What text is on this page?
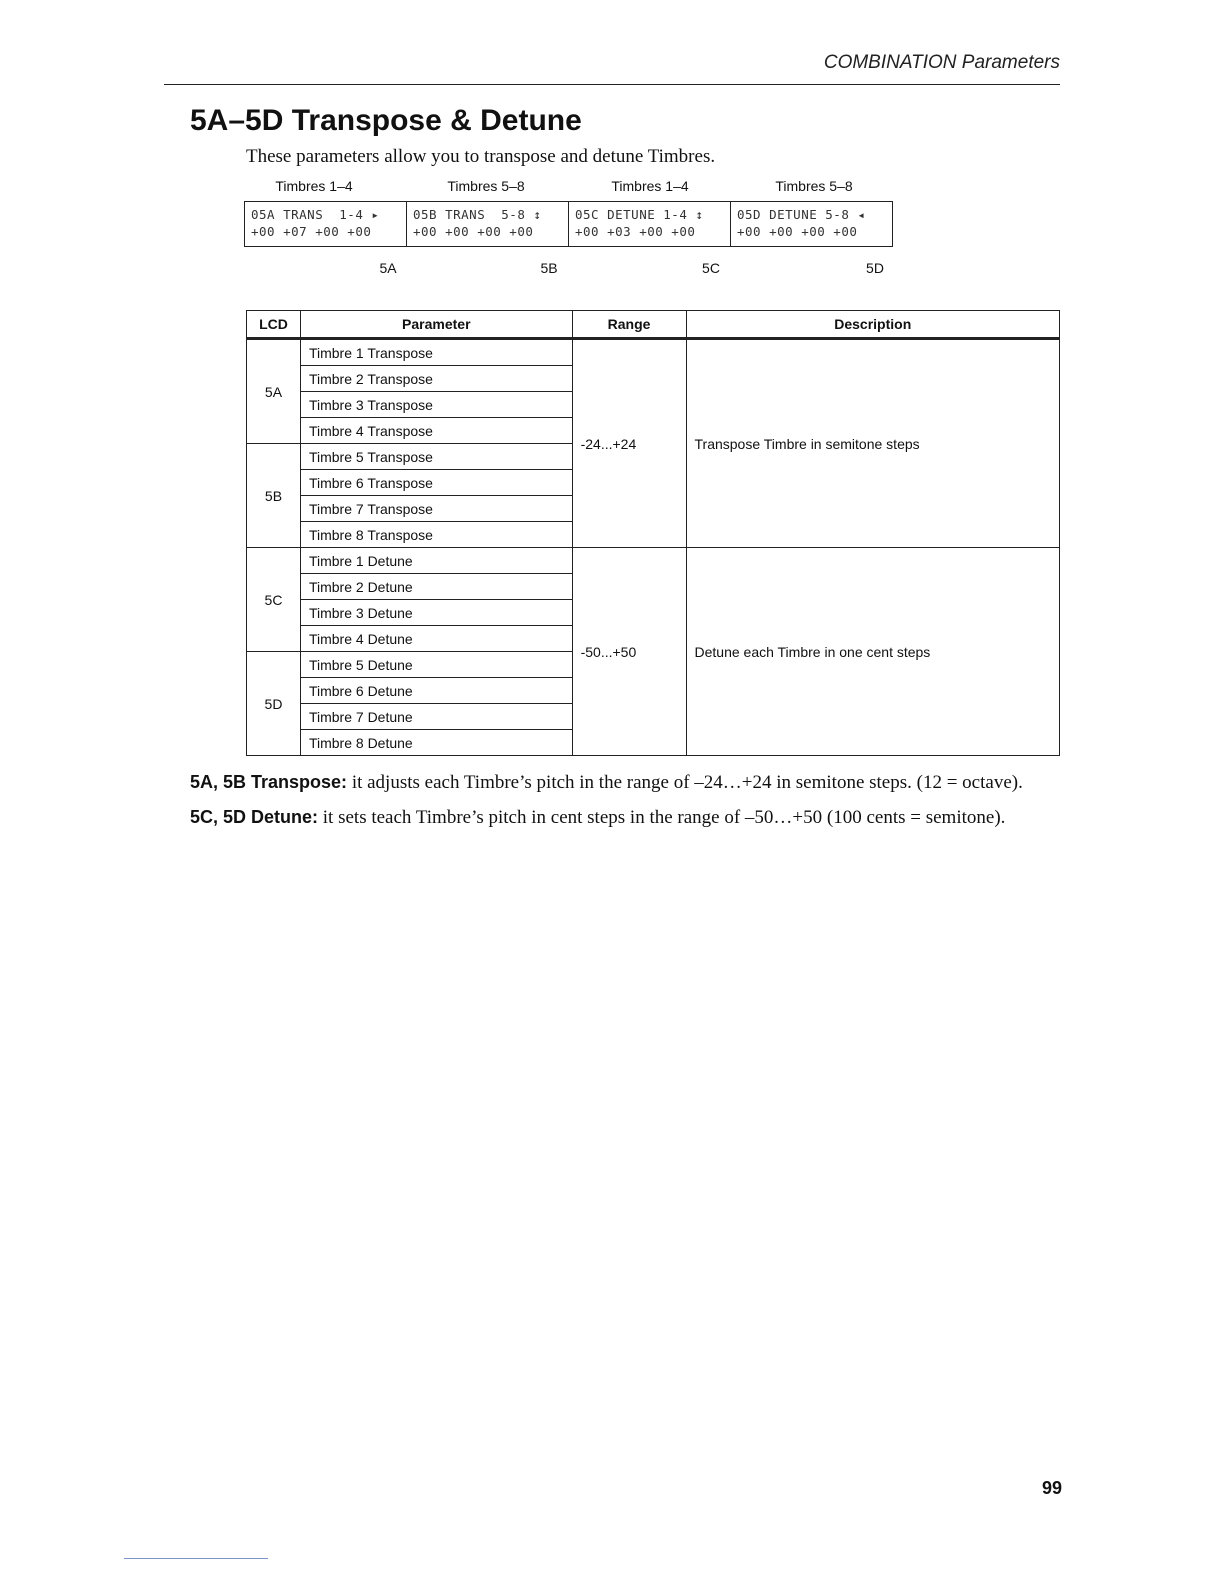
COMBINATION Parameters
5A–5D Transpose & Detune
These parameters allow you to transpose and detune Timbres.
Timbres 1–4	Timbres 5–8	Timbres 1–4	Timbres 5–8
05A TRANS  1-4 ▸
+00 +07 +00 +00
05B TRANS  5-8 ↕
+00 +00 +00 +00
05C DETUNE 1-4 ↕
+00 +03 +00 +00
05D DETUNE 5-8 ◂
+00 +00 +00 +00
5A	5B	5C	5D
LCD	Parameter	Range	Description
5A	Timbre 1 Transpose	-24...+24	Transpose Timbre in semitone steps
	Timbre 2 Transpose		
	Timbre 3 Transpose		
	Timbre 4 Transpose		
5B	Timbre 5 Transpose		
	Timbre 6 Transpose		
	Timbre 7 Transpose		
	Timbre 8 Transpose		
5C	Timbre 1 Detune	-50...+50	Detune each Timbre in one cent steps
	Timbre 2 Detune		
	Timbre 3 Detune		
	Timbre 4 Detune		
5D	Timbre 5 Detune		
	Timbre 6 Detune		
	Timbre 7 Detune		
	Timbre 8 Detune		

5A, 5B Transpose: it adjusts each Timbre’s pitch in the range of –24…+24 in semitone steps. (12 = octave).

5C, 5D Detune: it sets teach Timbre’s pitch in cent steps in the range of –50…+50 (100 cents = semitone).

99
